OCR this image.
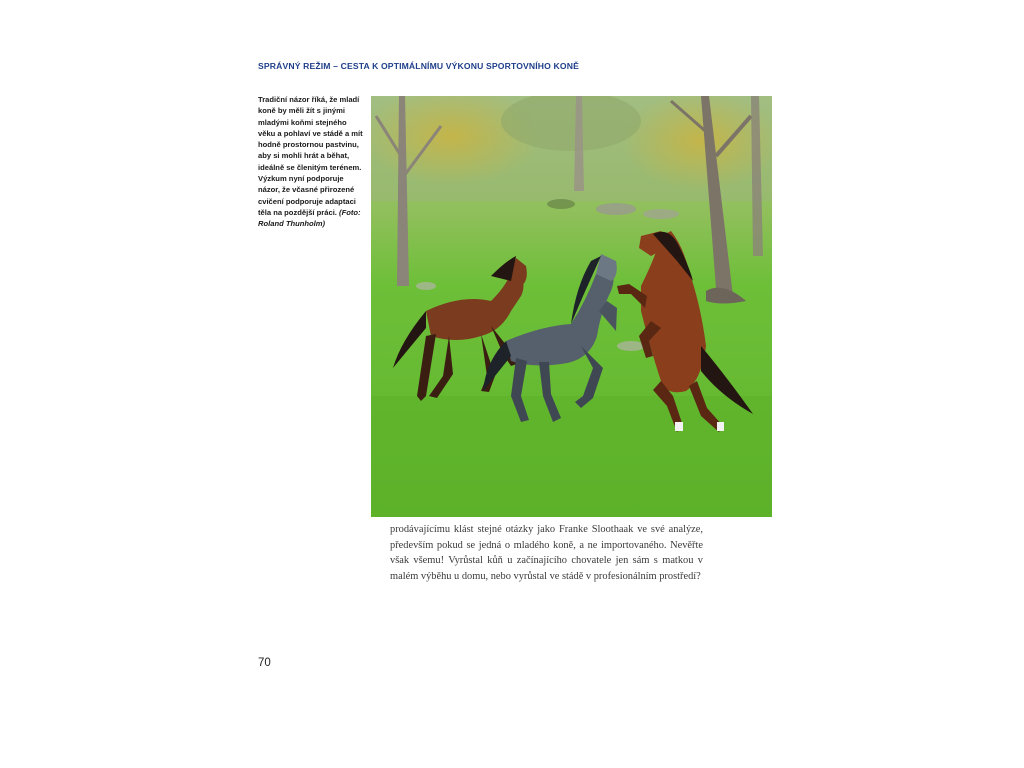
SPRÁVNÝ REŽIM – CESTA K OPTIMÁLNÍMU VÝKONU SPORTOVNÍHO KONĚ
Tradiční názor říká, že mladí koně by měli žít s jinými mladými koňmi stejného věku a pohlaví ve stádě a mít hodně prostornou pastvinu, aby si mohli hrát a běhat, ideálně se členitým terénem. Výzkum nyní podporuje názor, že včasné přirozené cvičení podporuje adaptaci těla na pozdější práci. (Foto: Roland Thunholm)

prodávajícímu klást stejné otázky jako Franke Sloothaak ve své analýze, především pokud se jedná o mladého koně, a ne importovaného. Nevěřte však všemu! Vyrůstal kůň u začínajícího chovatele jen sám s matkou v malém výběhu u domu, nebo vyrůstal ve stádě v profesionálním prostředí?

70
